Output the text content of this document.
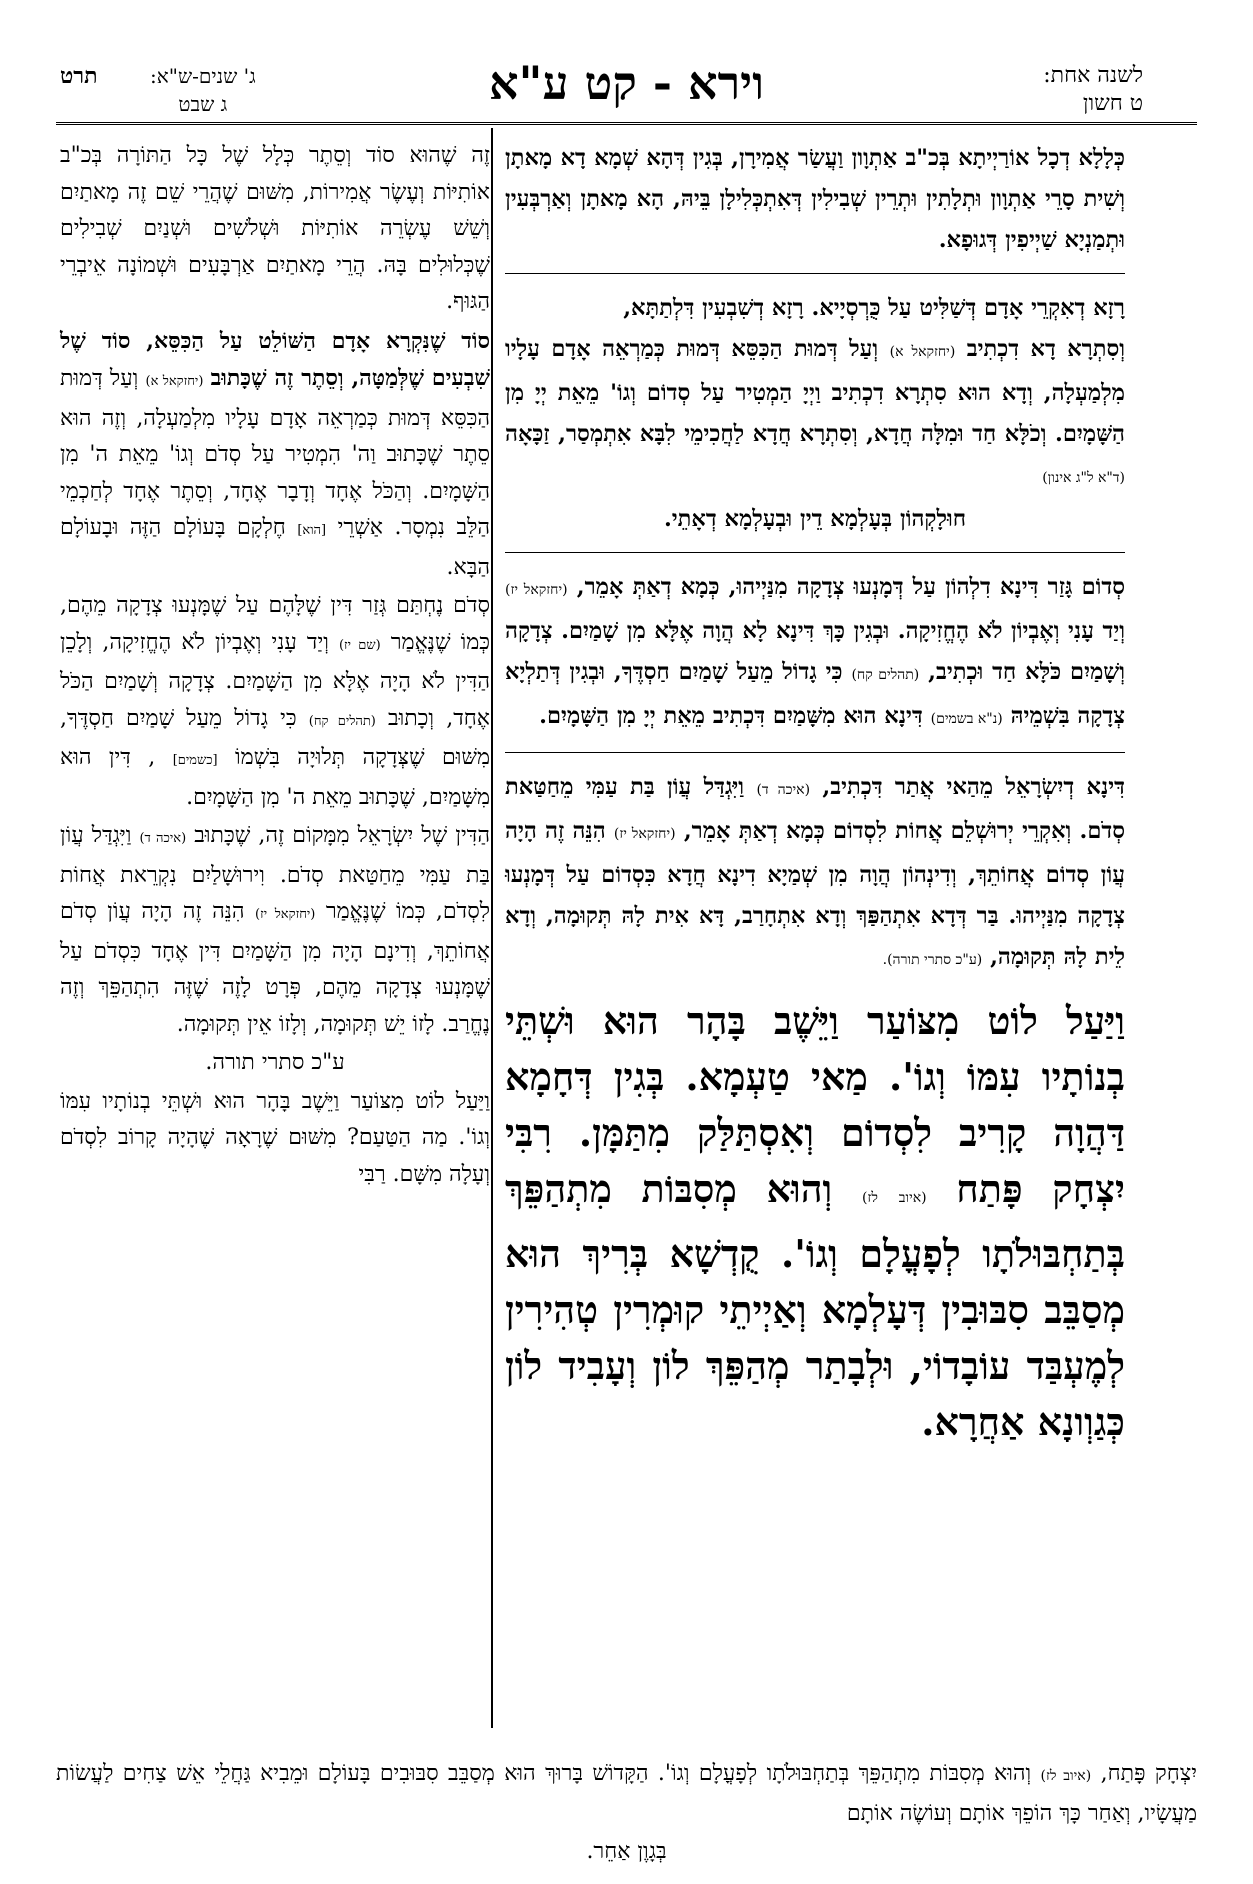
לשנה אחת:
ט חשון
וירא - קט ע"א
ג' שנים-ש"א:
ג שבט
תרט

כְּלָלָא דְכָל אוֹרַיְיתָא בְּכ"ב אַתְוָון וַעֲשַׂר אֲמִירָן, בְּגִין דְּהָא שְׁמָא דָא מָאתָן וְשִׁית סָרֵי אַתְוָון וּתְלָתִין וּתְרֵין שְׁבִילִין דְּאִתְכְּלִילָן בֵּיהּ, הָא מָאתָן וְאַרְבְּעִין וּתְמַנְיָא שַׁיְיפִין דְּגוּפָא.

רָזָא דְאִקְרֵי אָדָם דְּשַׁלִּיט עַל כֻּרְסְיָיא. רָזָא דְשִׁבְעִין דִּלְתַתָּא,

וְסִתְרָא דָא דִכְתִיב (יחזקאל א) וְעַל דְּמוּת הַכִּסֵּא דְּמוּת כְּמַרְאֵה אָדָם עָלָיו מִלְמַעְלָה, וְדָא הוּא סִתְרָא דִכְתִיב וַיְיָ הַמְטִיר עַל סְדוֹם וְגוֹ' מֵאֵת יְיָ מִן הַשָּׁמָיִם. וְכֹלָּא חַד וּמִלָּה חֲדָא, וְסִתְרָא חֲדָא לַחֲכִימֵי לִבָּא אִתְמְסַר, זַכָּאָה (ד"א ל"ג אינון)
חוּלָקְהוֹן בְּעָלְמָא דֵין וּבְעָלְמָא דְאָתֵי.

סְדוֹם גָּזַר דִּינָא דִלְהוֹן עַל דְּמָנְעוּ צְדָקָה מִנַּיְיהוּ, כְּמָא דְאַתְּ אָמֵר, (יחזקאל יז) וְיַד עָנִי וְאֶבְיוֹן לֹא הֶחֱזִיקָה. וּבְגִין כָּךְ דִּינָא לָא הֲוָה אֶלָּא מִן שָׁמַיִם. צְדָקָה וְשָׁמַיִם כֹּלָּא חַד וּכְתִיב, (תהלים קח) כִּי גָדוֹל מֵעַל שָׁמַיִם חַסְדֶּךָ, וּבְגִין דְּתַלְיָא צְדָקָה בִּשְׁמֵיהּ (נ"א בשמים) דִּינָא הוּא מִשָּׁמַיִם דִּכְתִיב מֵאֵת יְיָ מִן הַשָּׁמָיִם.

דִּינָא דְיִשְׂרָאֵל מֵהַאי אֲתַר דִּכְתִיב, (איכה ד) וַיִּגְדַּל עֲוֹן בַּת עַמִּי מֵחַטַּאת סְדֹם. וְאִקְרֵי יְרוּשְׁלֵם אֲחוֹת לִסְדוֹם כְּמָא דְאַתְּ אָמֵר, (יחזקאל יז) הִנֵּה זֶה הָיָה עֲוֹן סְדוֹם אֲחוֹתֵךְ, וְדִינְהוֹן הֲוָה מִן שְׁמַיָא דִינָא חֲדָא כִּסְדוֹם עַל דְּמָנְעוּ צְדָקָה מִנַּיְיהוּ. בַּר דְּדָא אִתְהַפַּךְ וְדָא אִתְחָרַב, דָּא אִית לָהּ תְּקוּמָה, וְדָא לֵית לָהּ תְּקוּמָה, (ע"כ סתרי תורה).

וַיַּעַל לוֹט מִצּוֹעַר וַיֵּשֶׁב בָּהָר הוּא וּשְׁתֵּי בְנוֹתָיו עִמּוֹ וְגוֹ'. מַאי טַעְמָא. בְּגִין דְּחָמָא דַּהֲוָה קָרִיב לִסְדוֹם וְאִסְתַּלַּק מִתַּמָּן. רִבִּי יִצְחָק פָּתַח (איוב לז) וְהוּא מְסִבּוֹת מִתְהַפֵּךְ בְּתַחְבּוּלֹתָו לְפָעֳלָם וְגוֹ'. קֻדְשָׁא בְּרִיךְ הוּא מְסַבֵּב סִבּוּבִין דְּעָלְמָא וְאַיְיתֵי קוּמְרִין טְהִירִין לְמֶעְבַּד עוֹבָדוֹי, וּלְבָתַר מְהַפֵּךְ לוֹן וְעָבִיד לוֹן כְּגַוְונָא אַחֲרָא.

זֶה שֶׁהוּא סוֹד וְסֵתֶר כְּלָל שֶׁל כָּל הַתּוֹרָה בְּכ"ב אוֹתִיּוֹת וְעֶשֶׂר אֲמִירוֹת, מִשּׁוּם שֶׁהֲרֵי שֵׁם זֶה מָאתַיִם וְשֵׁשׁ עֶשְׂרֵה אוֹתִיּוֹת וּשְׁלֹשִׁים וּשְׁנַיִם שְׁבִילִים שֶׁכְּלוּלִים בָּהּ. הֲרֵי מָאתַיִם אַרְבָּעִים וּשְׁמוֹנָה אֵיבְרֵי הַגּוּף.

סוֹד שֶׁנִּקְרָא אָדָם הַשּׁוֹלֵט עַל הַכִּסֵּא, סוֹד שֶׁל שִׁבְעִים שֶׁלְּמַטָּה, וְסֵתֶר זֶה שֶׁכָּתוּב (יחזקאל א) וְעַל דְּמוּת הַכִּסֵּא דְּמוּת כְּמַרְאֵה אָדָם עָלָיו מִלְמַעְלָה, וְזֶה הוּא סֵתֶר שֶׁכָּתוּב וַה' הִמְטִיר עַל סְדֹם וְגוֹ' מֵאֵת ה' מִן הַשָּׁמָיִם. וְהַכֹּל אֶחָד וְדָבָר אֶחָד, וְסֵתֶר אֶחָד לְחַכְמֵי הַלֵּב נִמְסָר. אַשְׁרֵי [הוא] חֶלְקָם בָּעוֹלָם הַזֶּה וּבָעוֹלָם הַבָּא.

סְדֹם נֶחְתַּם גְּזַר דִּין שֶׁלָּהֶם עַל שֶׁמָּנְעוּ צְדָקָה מֵהֶם, כְּמוֹ שֶׁנֶּאֱמַר (שם יז) וְיַד עָנִי וְאֶבְיוֹן לֹא הֶחֱזִיקָה, וְלָכֵן הַדִּין לֹא הָיָה אֶלָּא מִן הַשָּׁמַיִם. צְדָקָה וְשָׁמַיִם הַכֹּל אֶחָד, וְכָתוּב (תהלים קח) כִּי גָדוֹל מֵעַל שָׁמַיִם חַסְדֶּךָ, מִשּׁוּם שֶׁצְּדָקָה תְּלוּיָה בִּשְׁמוֹ [כשמים] , דִּין הוּא מִשָּׁמַיִם, שֶׁכָּתוּב מֵאֵת ה' מִן הַשָּׁמָיִם.

הַדִּין שֶׁל יִשְׂרָאֵל מִמָּקוֹם זֶה, שֶׁכָּתוּב (איכה ד) וַיִּגְדַּל עֲוֹן בַּת עַמִּי מֵחַטַּאת סְדֹם. וִירוּשָׁלַיִם נִקְרֵאת אֲחוֹת לִסְדֹם, כְּמוֹ שֶׁנֶּאֱמַר (יחזקאל יז) הִנֵּה זֶה הָיָה עֲוֹן סְדֹם אֲחוֹתֵךְ, וְדִינָם הָיָה מִן הַשָּׁמַיִם דִּין אֶחָד כִּסְדֹם עַל שֶׁמָּנְעוּ צְדָקָה מֵהֶם, פְּרָט לָזֶה שֶׁזֶּה הִתְהַפֵּךְ וְזֶה נֶחֱרַב. לָזוֹ יֵשׁ תְּקוּמָה, וְלָזוֹ אֵין תְּקוּמָה.

ע"כ סתרי תורה.

וַיַּעַל לוֹט מִצּוֹעַר וַיֵּשֶׁב בָּהָר הוּא וּשְׁתֵּי בְנוֹתָיו עִמּוֹ וְגוֹ'. מַה הַטַּעַם? מִשּׁוּם שֶׁרָאָה שֶׁהָיָה קָרוֹב לִסְדֹם וְעָלָה מִשָּׁם. רַבִּי

יִצְחָק פָּתַח, (איוב לז) וְהוּא מְסִבּוֹת מִתְהַפֵּךְ בְּתַחְבּוּלֹתָו לְפָעֳלָם וְגוֹ'. הַקָּדוֹשׁ בָּרוּךְ הוּא מְסַבֵּב סִבּוּבִים בָּעוֹלָם וּמֵבִיא גַּחֲלֵי אֵשׁ צַחִים לַעֲשׂוֹת מַעֲשָׂיו, וְאַחַר כָּךְ הוֹפֵךְ אוֹתָם וְעוֹשֶׂה אוֹתָם
בְּגָוֶן אַחֵר.
